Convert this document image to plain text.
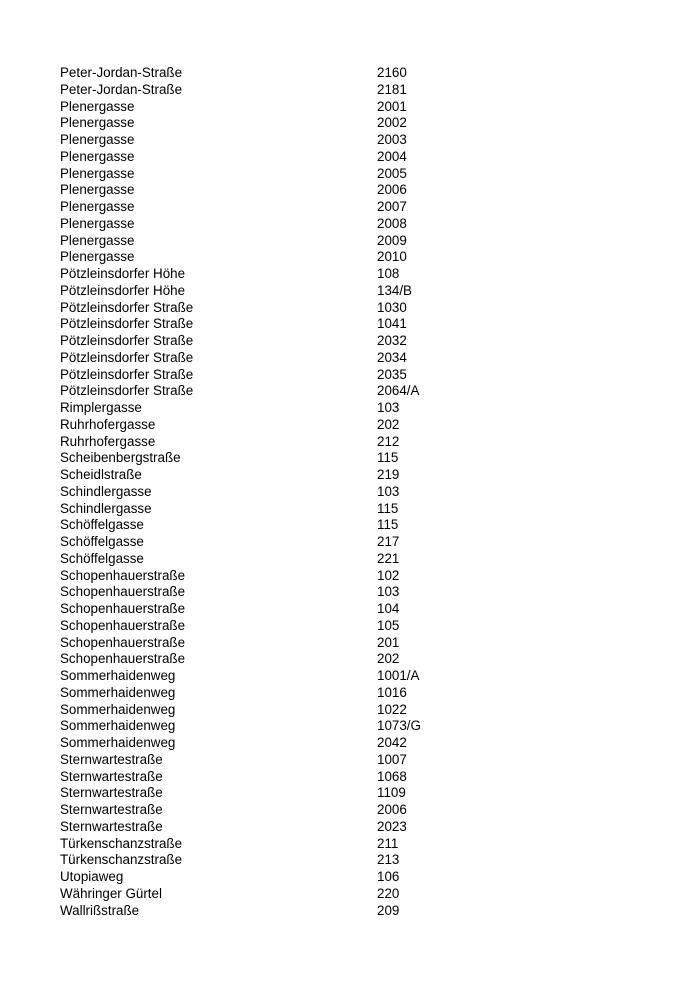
Peter-Jordan-Straße	2160
Peter-Jordan-Straße	2181
Plenergasse	2001
Plenergasse	2002
Plenergasse	2003
Plenergasse	2004
Plenergasse	2005
Plenergasse	2006
Plenergasse	2007
Plenergasse	2008
Plenergasse	2009
Plenergasse	2010
Pötzleinsdorfer Höhe	108
Pötzleinsdorfer Höhe	134/B
Pötzleinsdorfer Straße	1030
Pötzleinsdorfer Straße	1041
Pötzleinsdorfer Straße	2032
Pötzleinsdorfer Straße	2034
Pötzleinsdorfer Straße	2035
Pötzleinsdorfer Straße	2064/A
Rimplergasse	103
Ruhrhofergasse	202
Ruhrhofergasse	212
Scheibenbergstraße	115
Scheidlstraße	219
Schindlergasse	103
Schindlergasse	115
Schöffelgasse	115
Schöffelgasse	217
Schöffelgasse	221
Schopenhauerstraße	102
Schopenhauerstraße	103
Schopenhauerstraße	104
Schopenhauerstraße	105
Schopenhauerstraße	201
Schopenhauerstraße	202
Sommerhaidenweg	1001/A
Sommerhaidenweg	1016
Sommerhaidenweg	1022
Sommerhaidenweg	1073/G
Sommerhaidenweg	2042
Sternwartestraße	1007
Sternwartestraße	1068
Sternwartestraße	1109
Sternwartestraße	2006
Sternwartestraße	2023
Türkenschanzstraße	211
Türkenschanzstraße	213
Utopiaweg	106
Währinger Gürtel	220
Wallrißstraße	209
